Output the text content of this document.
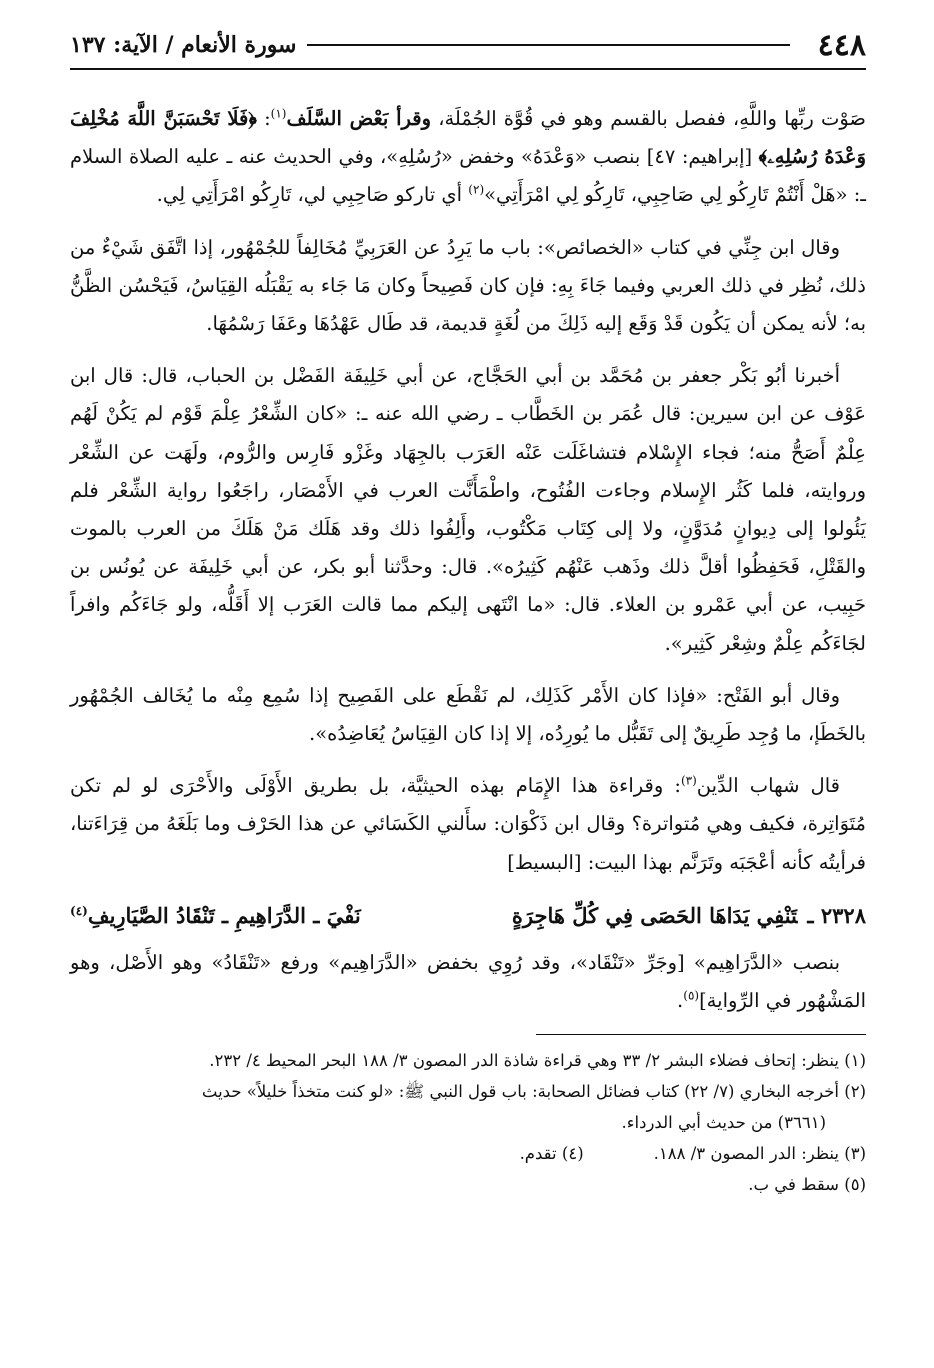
٤٤٨
سورة الأنعام / الآية: ١٣٧

صَوْت ربِّها واللَّهِ، ففصل بالقسم وهو في قُوَّة الجُمْلَة، وقرأ بَعْض السَّلَف$^{(١)}$: ﴿فَلَا تَحْسَبَنَّ اللَّهَ مُخْلِفَ وَعْدَهُ رُسُلِهِۦ﴾ [إبراهيم: ٤٧] بنصب «وَعْدَهُ» وخفض «رُسُلِهِ»، وفي الحديث عنه ـ عليه الصلاة السلام ـ: «هَلْ أَنْتُمْ تَارِكُو لِي صَاحِبِي، تَارِكُو لِي امْرَأَتِي»$^{(٢)}$ أي تاركو صَاحِبِي لي، تَارِكُو امْرَأَتِي لِي.

وقال ابن جِنِّي في كتاب «الخصائص»: باب ما يَرِدُ عن العَرَبِيِّ مُخَالِفاً للجُمْهُور، إذا اتَّفَق شَيْءٌ من ذلك، نُظِر في ذلك العربي وفيما جَاءَ بِهِ: فإن كان فَصِيحاً وكان مَا جَاء به يَقْبَلُه القِيَاسُ، فَيَحْسُن الظَّنُّ به؛ لأنه يمكن أن يَكُون قَدْ وَقَع إليه ذَلِكَ من لُغَةٍ قديمة، قد طَال عَهْدُهَا وعَفَا رَسْمُهَا.

أخبرنا أبُو بَكْر جعفر بن مُحَمَّد بن أبي الحَجَّاج، عن أبي خَلِيفَة الفَضْل بن الحباب، قال: قال ابن عَوْف عن ابن سيرين: قال عُمَر بن الخَطَّاب ـ رضي الله عنه ـ: «كان الشِّعْرُ عِلْمَ قَوْم لم يَكُنْ لَهُم عِلْمٌ أَصَحُّ منه؛ فجاء الإِسْلام فتشاغَلَت عَنْه العَرَب بالجِهَاد وغَزْو فَارِس والرُّوم، ولَهَت عن الشِّعْر وروايته، فلما كَثُر الإِسلام وجاءت الفُتُوح، واطْمَأَنَّت العرب في الأَمْصَار، راجَعُوا رواية الشِّعْر فلم يَئُولوا إلى دِيوانٍ مُدَوَّنٍ، ولا إلى كِتَاب مَكْتُوب، وأَلِفُوا ذلك وقد هَلَك مَنْ هَلَكَ من العرب بالموت والقَتْلِ، فَحَفِظُوا أقلَّ ذلك وذَهب عَنْهُم كَثِيرُه». قال: وحدَّثنا أبو بكر، عن أبي خَلِيفَة عن يُونُس بن حَبِيب، عن أبي عَمْرو بن العلاء. قال: «ما انْتَهى إليكم مما قالت العَرَب إلا أَقَلُّه، ولو جَاءَكُم وافراً لجَاءَكُم عِلْمٌ وشِعْر كَثِير».

وقال أبو الفَتْح: «فإذا كان الأَمْر كَذَلِك، لم نَقْطَع على الفَصِيح إذا سُمِع مِنْه ما يُخَالف الجُمْهُور بالخَطَإ، ما وُجِد طَرِيقٌ إلى تَقَبُّل ما يُورِدُه، إلا إذا كان القِيَاسُ يُعَاضِدُه».

قال شهاب الدِّين$^{(٣)}$: وقراءة هذا الإِمَام بهذه الحيثيَّة، بل بطريق الأَوْلَى والأَحْرَى لو لم تكن مُتَوَاتِرة، فكيف وهي مُتواترة؟ وقال ابن ذَكْوَان: سأَلني الكَسَائي عن هذا الحَرْف وما بَلَغَهُ من قِرَاءَتنا، فرأيتُه كأنه أعْجَبَه وتَرَنَّم بهذا البيت: [البسيط]

٢٣٢٨ ـتَنْفِي يَدَاهَا الحَصَى فِي كُلِّ هَاجِرَةٍ
نَفْيَ ـ الدَّرَاهِيمِ ـ تَنْقَادُ الصَّيَارِيفِ$^{(٤)}$

بنصب «الدَّرَاهِيم» [وجَرِّ «تَنْقَاد»، وقد رُوِي بخفض «الدَّرَاهِيم» ورفع «تَنْقَادُ» وهو الأَصْل، وهو المَشْهُور في الرِّواية]$^{(٥)}$.

(١) ينظر: إتحاف فضلاء البشر ٢/ ٣٣ وهي قراءة شاذة الدر المصون ٣/ ١٨٨ البحر المحيط ٤/ ٢٣٢.

(٢) أخرجه البخاري (٧/ ٢٢) كتاب فضائل الصحابة: باب قول النبي ﷺ: «لو كنت متخذاً خليلاً» حديث

(٣٦٦١) من حديث أبي الدرداء.

(٣) ينظر: الدر المصون ٣/ ١٨٨.

(٤) تقدم.

(٥) سقط في ب.
